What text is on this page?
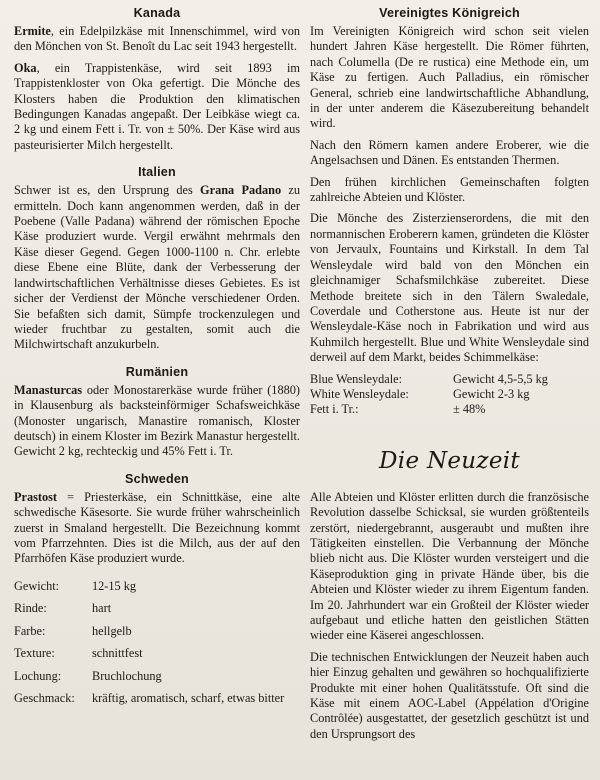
Kanada

Ermite, ein Edelpilzkäse mit Innenschimmel, wird von den Mönchen von St. Benoît du Lac seit 1943 hergestellt.

Oka, ein Trappistenkäse, wird seit 1893 im Trappistenkloster von Oka gefertigt. Die Mönche des Klosters haben die Produktion den klimatischen Bedingungen Kanadas angepaßt. Der Leibkäse wiegt ca. 2 kg und einem Fett i. Tr. von ± 50%. Der Käse wird aus pasteurisierter Milch hergestellt.

Italien

Schwer ist es, den Ursprung des Grana Padano zu ermitteln. Doch kann angenommen werden, daß in der Poebene (Valle Padana) während der römischen Epoche Käse produziert wurde. Vergil erwähnt mehrmals den Käse dieser Gegend. Gegen 1000-1100 n. Chr. erlebte diese Ebene eine Blüte, dank der Verbesserung der landwirtschaftlichen Verhältnisse dieses Gebietes. Es ist sicher der Verdienst der Mönche verschiedener Orden. Sie befaßten sich damit, Sümpfe trockenzulegen und wieder fruchtbar zu gestalten, somit auch die Milchwirtschaft anzukurbeln.

Rumänien

Manasturcas oder Monostarerkäse wurde früher (1880) in Klausenburg als backsteinförmiger Schafsweichkäse (Monoster ungarisch, Manastire romanisch, Kloster deutsch) in einem Kloster im Bezirk Manastur hergestellt. Gewicht 2 kg, rechteckig und 45% Fett i. Tr.

Schweden

Prastost = Priesterkäse, ein Schnittkäse, eine alte schwedische Käsesorte. Sie wurde früher wahrscheinlich zuerst in Smaland hergestellt. Die Bezeichnung kommt vom Pfarrzehnten. Dies ist die Milch, aus der auf den Pfarrhöfen Käse produziert wurde.

Gewicht:	12-15 kg
Rinde:	hart
Farbe:	hellgelb
Texture:	schnittfest
Lochung:	Bruchlochung
Geschmack:	kräftig, aromatisch, scharf, etwas bitter
Vereinigtes Königreich

Im Vereinigten Königreich wird schon seit vielen hundert Jahren Käse hergestellt. Die Römer führten, nach Columella (De re rustica) eine Methode ein, um Käse zu fertigen. Auch Palladius, ein römischer General, schrieb eine landwirtschaftliche Abhandlung, in der unter anderem die Käsezubereitung behandelt wird.

Nach den Römern kamen andere Eroberer, wie die Angelsachsen und Dänen. Es entstanden Thermen.

Den frühen kirchlichen Gemeinschaften folgten zahlreiche Abteien und Klöster.

Die Mönche des Zisterzienserordens, die mit den normannischen Eroberern kamen, gründeten die Klöster von Jervaulx, Fountains und Kirkstall. In dem Tal Wensleydale wird bald von den Mönchen ein gleichnamiger Schafsmilchkäse zubereitet. Diese Methode breitete sich in den Tälern Swaledale, Coverdale und Cotherstone aus. Heute ist nur der Wensleydale-Käse noch in Fabrikation und wird aus Kuhmilch hergestellt. Blue und White Wensleydale sind derweil auf dem Markt, beides Schimmelkäse:

Blue Wensleydale:	Gewicht 4,5-5,5 kg
White Wensleydale:	Gewicht 2-3 kg
Fett i. Tr.:	± 48%
Die Neuzeit

Alle Abteien und Klöster erlitten durch die französische Revolution dasselbe Schicksal, sie wurden größtenteils zerstört, niedergebrannt, ausgeraubt und mußten ihre Tätigkeiten einstellen. Die Verbannung der Mönche blieb nicht aus. Die Klöster wurden versteigert und die Käseproduktion ging in private Hände über, bis die Abteien und Klöster wieder zu ihrem Eigentum fanden. Im 20. Jahrhundert war ein Großteil der Klöster wieder aufgebaut und etliche hatten den geistlichen Stätten wieder eine Käserei angeschlossen.

Die technischen Entwicklungen der Neuzeit haben auch hier Einzug gehalten und gewähren so hochqualifizierte Produkte mit einer hohen Qualitätsstufe. Oft sind die Käse mit einem AOC-Label (Appélation d'Origine Contrôlée) ausgestattet, der gesetzlich geschützt ist und den Ursprungsort des
